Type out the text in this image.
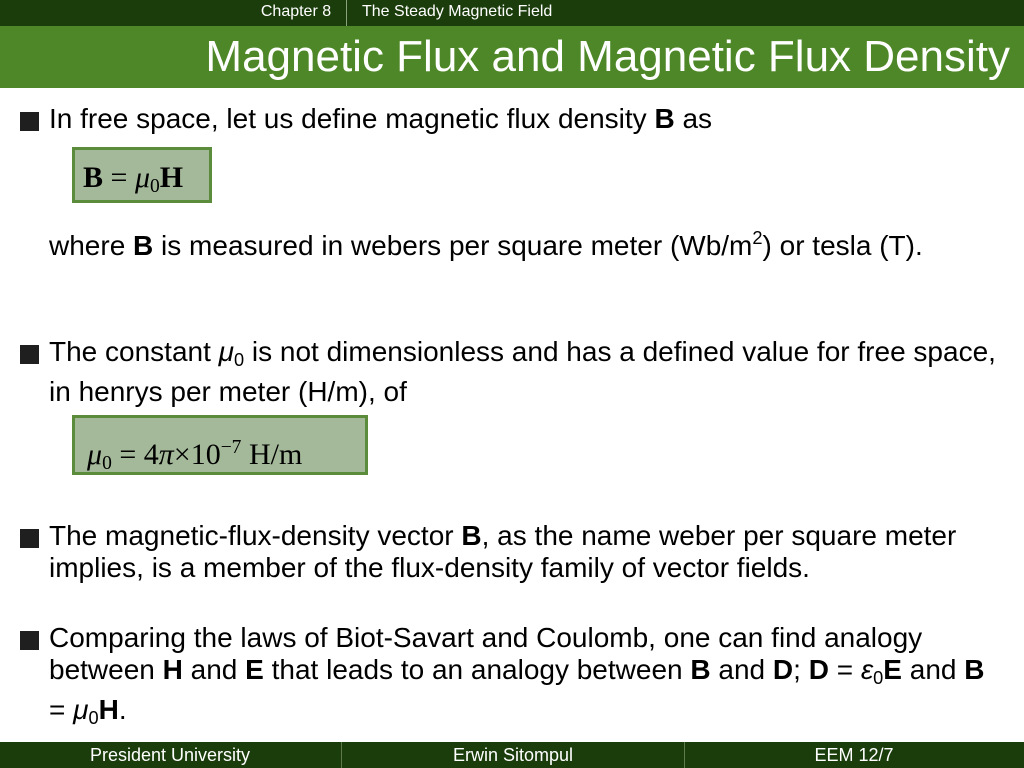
Chapter 8	The Steady Magnetic Field
Magnetic Flux and Magnetic Flux Density
In free space, let us define magnetic flux density B as
$B = \mu_0H$
where B is measured in webers per square meter $(Wb/m^2)$ or tesla (T).
The constant $\mu_0$ is not dimensionless and has a defined value for free space, in henrys per meter (H/m), of
$\mu_0 = 4\pi\times 10^{-7}$ H/m
The magnetic-flux-density vector B, as the name weber per square meter implies, is a member of the flux-density family of vector fields.
Comparing the laws of Biot-Savart and Coulomb, one can find analogy between H and E that leads to an analogy between B and D; $D = \varepsilon_0E$ and $B = \mu_0H$.
President University	Erwin Sitompul	EEM 12/7
